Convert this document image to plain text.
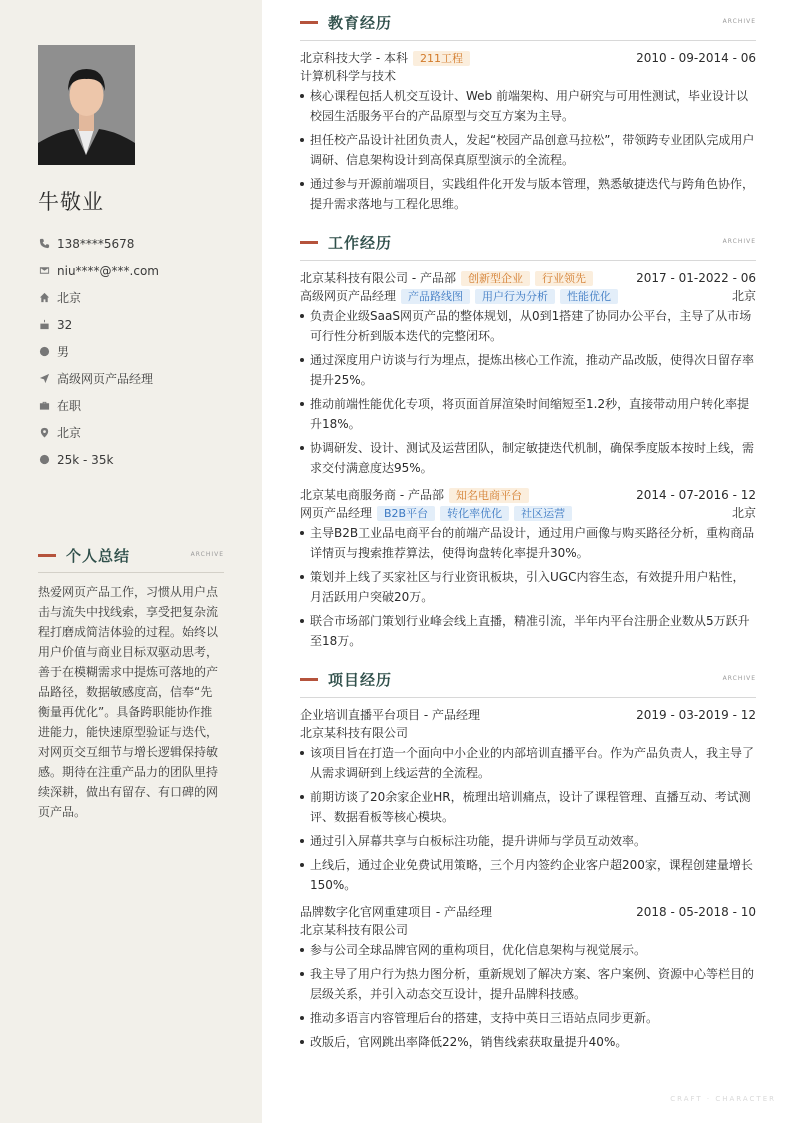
牛敬业
138****5678
niu****@***.com
北京
32
男
高级网页产品经理
在职
北京
25k - 35k
个人总结	ARCHIVE
热爱网页产品工作，习惯从用户点击与流失中找线索，享受把复杂流程打磨成简洁体验的过程。始终以用户价值与商业目标双驱动思考，善于在模糊需求中提炼可落地的产品路径，数据敏感度高，信奉“先衡量再优化”。具备跨职能协作推进能力，能快速原型验证与迭代，对网页交互细节与增长逻辑保持敏感。期待在注重产品力的团队里持续深耕，做出有留存、有口碑的网页产品。
教育经历	ARCHIVE
北京科技大学 - 本科	211工程	2010 - 09-2014 - 06
计算机科学与技术
核心课程包括人机交互设计、Web 前端架构、用户研究与可用性测试，毕业设计以校园生活服务平台的产品原型与交互方案为主导。
担任校产品设计社团负责人，发起“校园产品创意马拉松”，带领跨专业团队完成用户调研、信息架构设计到高保真原型演示的全流程。
通过参与开源前端项目，实践组件化开发与版本管理，熟悉敏捷迭代与跨角色协作，提升需求落地与工程化思维。
工作经历	ARCHIVE
北京某科技有限公司 - 产品部	创新型企业	行业领先	2017 - 01-2022 - 06
高级网页产品经理	产品路线图	用户行为分析	性能优化	北京
负责企业级SaaS网页产品的整体规划，从0到1搭建了协同办公平台，主导了从市场可行性分析到版本迭代的完整闭环。
通过深度用户访谈与行为埋点，提炼出核心工作流，推动产品改版，使得次日留存率提升25%。
推动前端性能优化专项，将页面首屏渲染时间缩短至1.2秒，直接带动用户转化率提升18%。
协调研发、设计、测试及运营团队，制定敏捷迭代机制，确保季度版本按时上线，需求交付满意度达95%。
北京某电商服务商 - 产品部	知名电商平台	2014 - 07-2016 - 12
网页产品经理	B2B平台	转化率优化	社区运营	北京
主导B2B工业品电商平台的前端产品设计，通过用户画像与购买路径分析，重构商品详情页与搜索推荐算法，使得询盘转化率提升30%。
策划并上线了买家社区与行业资讯板块，引入UGC内容生态，有效提升用户粘性，月活跃用户突破20万。
联合市场部门策划行业峰会线上直播，精准引流，半年内平台注册企业数从5万跃升至18万。
项目经历	ARCHIVE
企业培训直播平台项目 - 产品经理	2019 - 03-2019 - 12
北京某科技有限公司
该项目旨在打造一个面向中小企业的内部培训直播平台。作为产品负责人，我主导了从需求调研到上线运营的全流程。
前期访谈了20余家企业HR，梳理出培训痛点，设计了课程管理、直播互动、考试测评、数据看板等核心模块。
通过引入屏幕共享与白板标注功能，提升讲师与学员互动效率。
上线后，通过企业免费试用策略，三个月内签约企业客户超200家，课程创建量增长150%。
品牌数字化官网重建项目 - 产品经理	2018 - 05-2018 - 10
北京某科技有限公司
参与公司全球品牌官网的重构项目，优化信息架构与视觉展示。
我主导了用户行为热力图分析，重新规划了解决方案、客户案例、资源中心等栏目的层级关系，并引入动态交互设计，提升品牌科技感。
推动多语言内容管理后台的搭建，支持中英日三语站点同步更新。
改版后，官网跳出率降低22%，销售线索获取量提升40%。
CRAFT · CHARACTER
